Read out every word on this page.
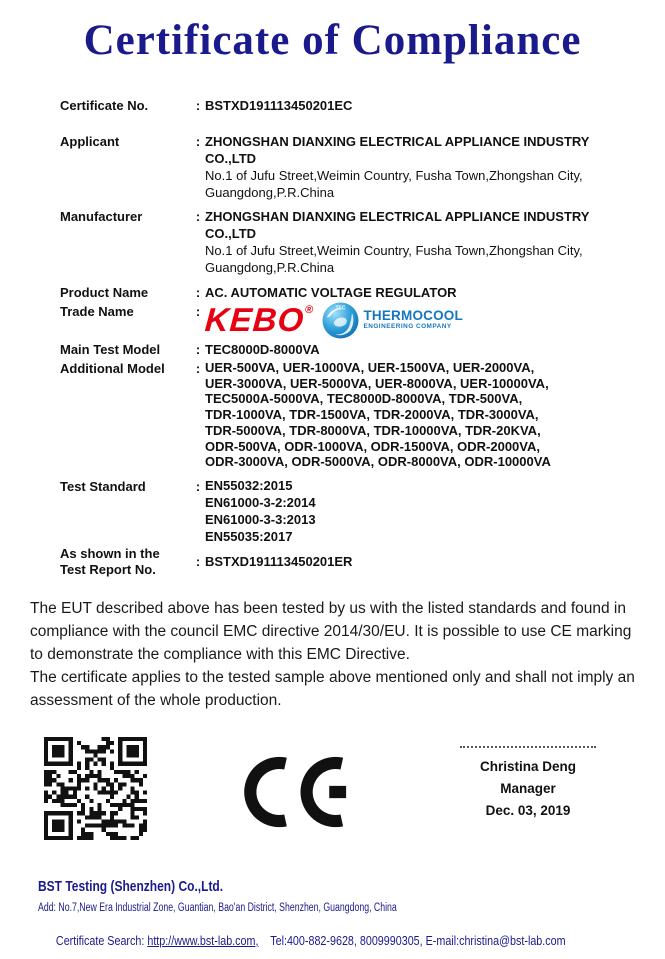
Certificate of Compliance
Certificate No.	: BSTXD191113450201EC
Applicant	: ZHONGSHAN DIANXING ELECTRICAL APPLIANCE INDUSTRY
CO.,LTD
No.1 of Jufu Street,Weimin Country, Fusha Town,Zhongshan City,
Guangdong,P.R.China
Manufacturer	: ZHONGSHAN DIANXING ELECTRICAL APPLIANCE INDUSTRY
CO.,LTD
No.1 of Jufu Street,Weimin Country, Fusha Town,Zhongshan City,
Guangdong,P.R.China
Product Name	: AC. AUTOMATIC VOLTAGE REGULATOR
Trade Name	: KEBO®	TEC THERMOCOOL
ENGINEERING COMPANY
Main Test Model	: TEC8000D-8000VA
Additional Model	: UER-500VA, UER-1000VA, UER-1500VA, UER-2000VA,
UER-3000VA, UER-5000VA, UER-8000VA, UER-10000VA,
TEC5000A-5000VA, TEC8000D-8000VA, TDR-500VA,
TDR-1000VA, TDR-1500VA, TDR-2000VA, TDR-3000VA,
TDR-5000VA, TDR-8000VA, TDR-10000VA, TDR-20KVA,
ODR-500VA, ODR-1000VA, ODR-1500VA, ODR-2000VA,
ODR-3000VA, ODR-5000VA, ODR-8000VA, ODR-10000VA
Test Standard	: EN55032:2015
EN61000-3-2:2014
EN61000-3-3:2013
EN55035:2017
As shown in the
Test Report No.
: BSTXD191113450201ER

The EUT described above has been tested by us with the listed standards and found in compliance with the council EMC directive 2014/30/EU. It is possible to use CE marking to demonstrate the compliance with this EMC Directive.

The certificate applies to the tested sample above mentioned only and shall not imply an assessment of the whole production.

Christina Deng
Manager
Dec. 03, 2019
BST Testing (Shenzhen) Co.,Ltd.
Add: No.7,New Era Industrial Zone, Guantian, Bao'an District, Shenzhen, Guangdong, China

Certificate Search: http://www.bst-lab.com,    Tel:400-882-9628, 8009990305, E-mail:christina@bst-lab.com
